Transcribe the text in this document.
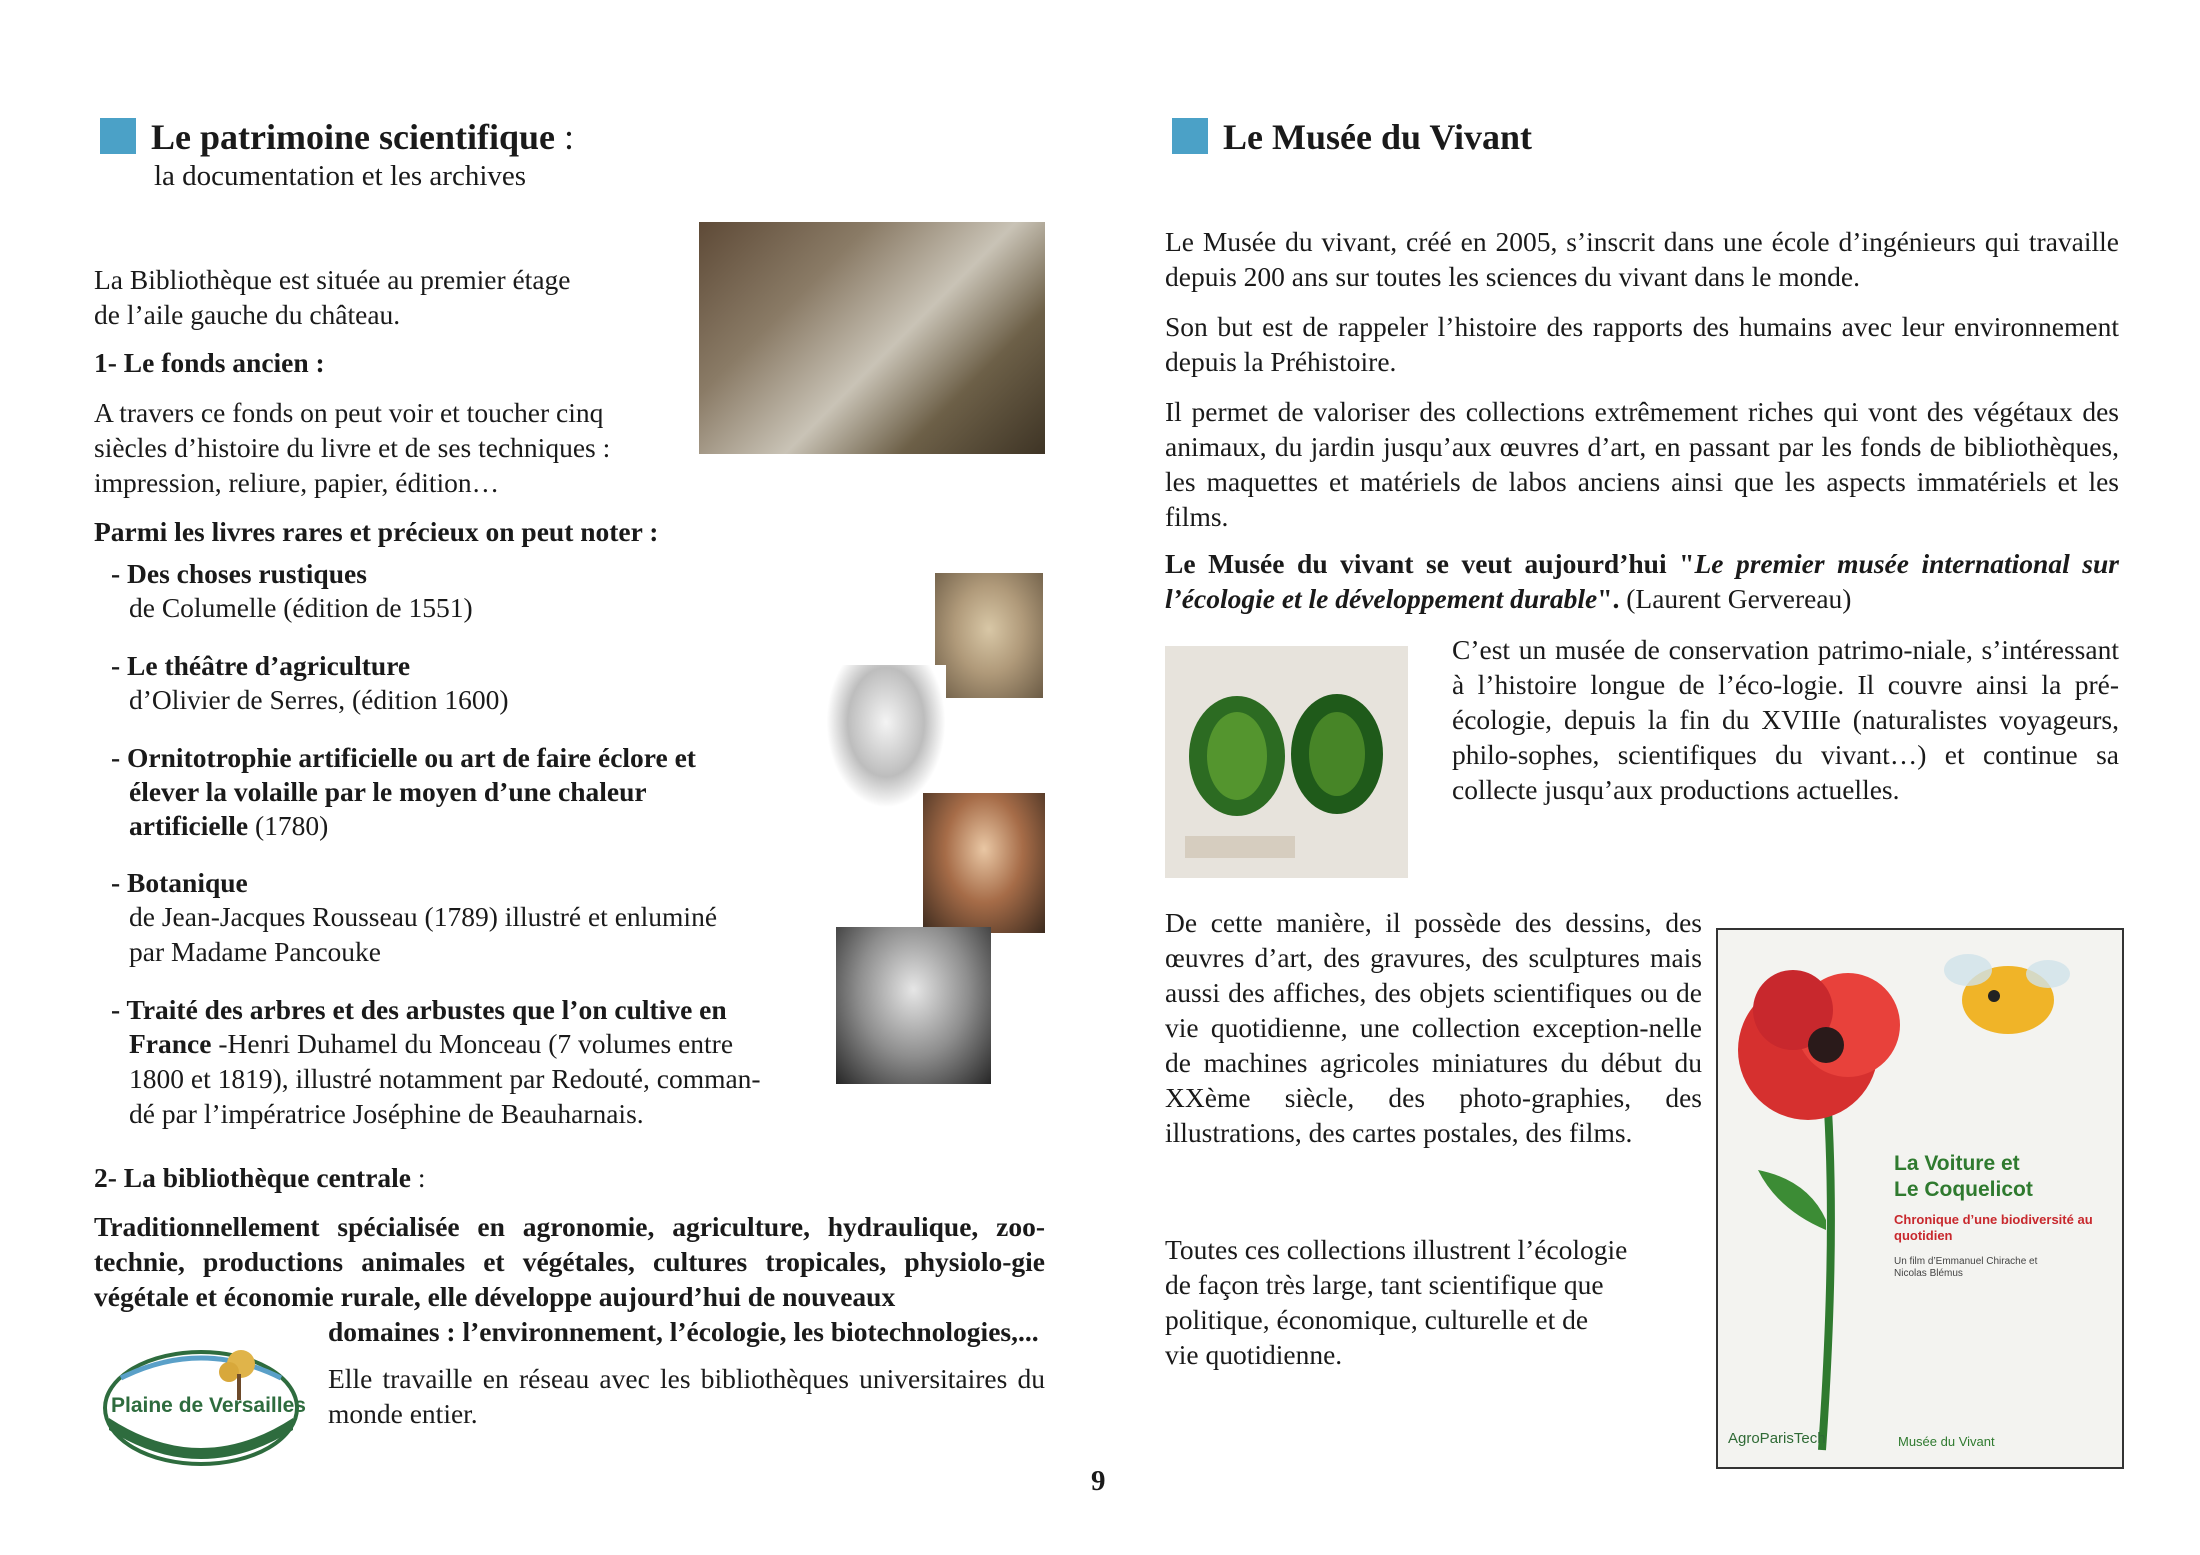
Le patrimoine scientifique :
la documentation et les archives
La Bibliothèque est située au premier étage
de l’aile gauche du château.
1- Le fonds ancien :
A travers ce fonds on peut voir et toucher cinq
siècles d’histoire du livre et de ses techniques :
impression, reliure, papier, édition…
Parmi les livres rares et précieux on peut noter :
- Des choses rustiques
de Columelle (édition de 1551)
- Le théâtre d’agriculture
d’Olivier de Serres, (édition 1600)
- Ornitotrophie artificielle ou art de faire éclore et
élever la volaille par le moyen d’une chaleur
artificielle (1780)
- Botanique
de Jean-Jacques Rousseau (1789) illustré et enluminé
par Madame Pancouke
- Traité des arbres et des arbustes que l’on cultive en
France -Henri Duhamel du Monceau (7 volumes entre
1800 et 1819), illustré notamment par Redouté, comman-
dé par l’impératrice Joséphine de Beauharnais.
2- La bibliothèque centrale :
Traditionnellement spécialisée en agronomie, agriculture, hydraulique, zoo-technie, productions animales et végétales, cultures tropicales, physiolo-gie végétale et économie rurale, elle développe aujourd’hui de nouveaux
domaines : l’environnement, l’écologie, les biotechnologies,...
Plaine de Versailles
Elle travaille en réseau avec les bibliothèques universitaires du monde entier.
Le Musée du Vivant
Le Musée du vivant, créé en 2005, s’inscrit dans une école d’ingénieurs qui travaille depuis 200 ans sur toutes les sciences du vivant dans le monde.
Son but est de rappeler l’histoire des rapports des humains avec leur environnement depuis la Préhistoire.
Il permet de valoriser des collections extrêmement riches qui vont des végétaux des animaux, du jardin jusqu’aux œuvres d’art, en passant par les fonds de bibliothèques, les maquettes et matériels de labos anciens ainsi que les aspects immatériels et les films.
Le Musée du vivant se veut aujourd’hui "Le premier musée international sur l’écologie et le développement durable". (Laurent Gervereau)
C’est un musée de conservation patrimo-niale, s’intéressant à l’histoire longue de l’éco-logie. Il couvre ainsi la pré-écologie, depuis la fin du XVIIIe (naturalistes voyageurs, philo-sophes, scientifiques du vivant…) et continue sa collecte jusqu’aux productions actuelles.
De cette manière, il possède des dessins, des œuvres d’art, des gravures, des sculptures mais aussi des affiches, des objets scientifiques ou de vie quotidienne, une collection exception-nelle de machines agricoles miniatures du début du XXème siècle, des photo-graphies, des illustrations, des cartes postales, des films.
Toutes ces collections illustrent l’écologie
de façon très large, tant scientifique que
politique, économique, culturelle et de
vie quotidienne.
La Voiture et
Le Coquelicot
Chronique d’une biodiversité au quotidien
Un film d’Emmanuel Chirache et Nicolas Blémus
AgroParisTech	Musée du Vivant
9
